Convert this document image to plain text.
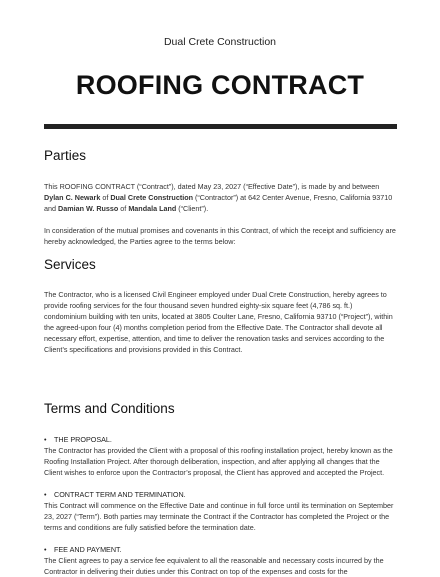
Dual Crete Construction
ROOFING CONTRACT
Parties

This ROOFING CONTRACT (“Contract”), dated May 23, 2027 (“Effective Date”), is made by and between Dylan C. Newark of Dual Crete Construction (“Contractor”) at 642 Center Avenue, Fresno, California 93710 and Damian W. Russo of Mandala Land (“Client”).

In consideration of the mutual promises and covenants in this Contract, of which the receipt and sufficiency are hereby acknowledged, the Parties agree to the terms below:

Services

The Contractor, who is a licensed Civil Engineer employed under Dual Crete Construction, hereby agrees to provide roofing services for the four thousand seven hundred eighty-six square feet (4,786 sq. ft.) condominium building with ten units, located at 3805 Coulter Lane, Fresno, California 93710 (“Project”), within the agreed-upon four (4) months completion period from the Effective Date. The Contractor shall devote all necessary effort, expertise, attention, and time to deliver the renovation tasks and services according to the Client’s specifications and provisions provided in this Contract.

Terms and Conditions

• THE PROPOSAL.

The Contractor has provided the Client with a proposal of this roofing installation project, hereby known as the Roofing Installation Project. After thorough deliberation, inspection, and after applying all changes that the Client wishes to enforce upon the Contractor’s proposal, the Client has approved and accepted the Project.

• CONTRACT TERM AND TERMINATION.

This Contract will commence on the Effective Date and continue in full force until its termination on September 23, 2027 (“Term”). Both parties may terminate the Contract if the Contractor has completed the Project or the terms and conditions are fully satisfied before the termination date.

• FEE AND PAYMENT.

The Client agrees to pay a service fee equivalent to all the reasonable and necessary costs incurred by the Contractor in delivering their duties under this Contract on top of the expenses and costs for the
